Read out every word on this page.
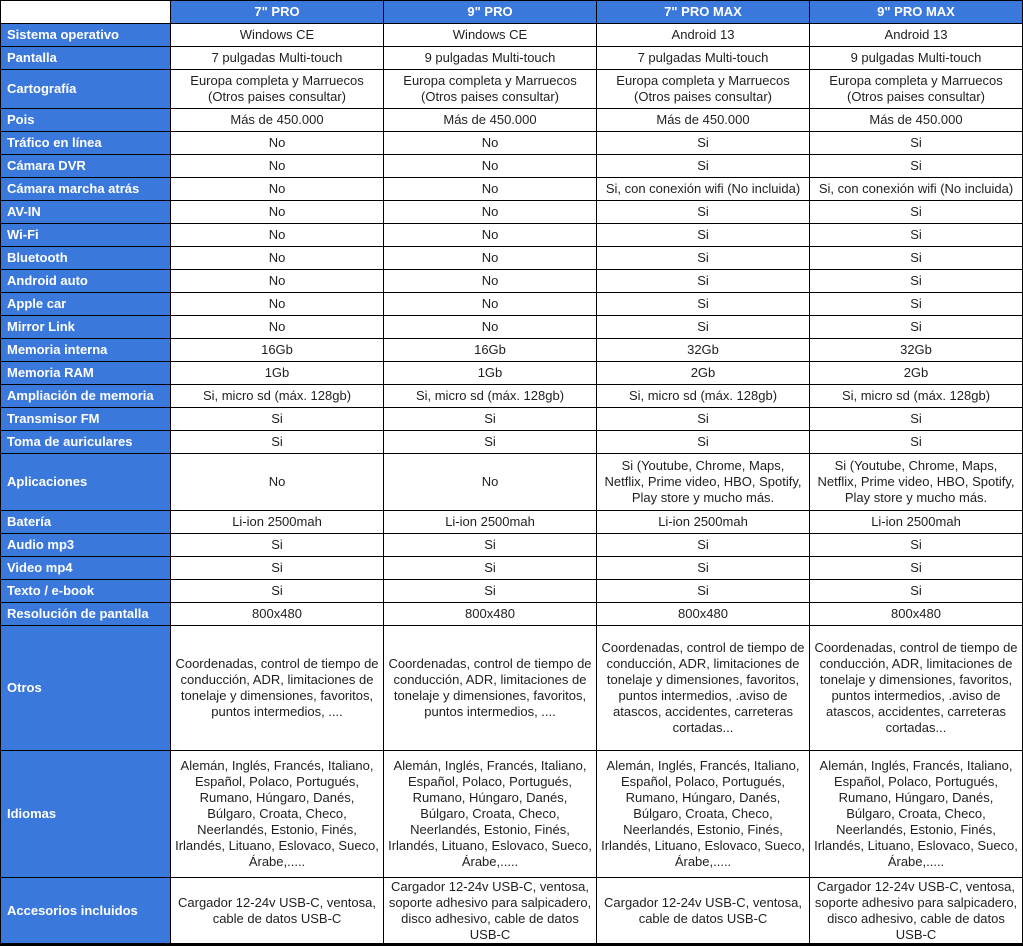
	7" PRO	9" PRO	7" PRO MAX	9" PRO MAX
Sistema operativo	Windows CE	Windows CE	Android 13	Android 13
Pantalla	7 pulgadas Multi-touch	9 pulgadas Multi-touch	7 pulgadas Multi-touch	9 pulgadas Multi-touch
Cartografía	Europa completa y Marruecos (Otros paises consultar)	Europa completa y Marruecos (Otros paises consultar)	Europa completa y Marruecos (Otros paises consultar)	Europa completa y Marruecos (Otros paises consultar)
Pois	Más de 450.000	Más de 450.000	Más de 450.000	Más de 450.000
Tráfico en línea	No	No	Si	Si
Cámara DVR	No	No	Si	Si
Cámara marcha atrás	No	No	Si, con conexión wifi (No incluida)	Si, con conexión wifi (No incluida)
AV-IN	No	No	Si	Si
Wi-Fi	No	No	Si	Si
Bluetooth	No	No	Si	Si
Android auto	No	No	Si	Si
Apple car	No	No	Si	Si
Mirror Link	No	No	Si	Si
Memoria interna	16Gb	16Gb	32Gb	32Gb
Memoria RAM	1Gb	1Gb	2Gb	2Gb
Ampliación de memoria	Si, micro sd (máx. 128gb)	Si, micro sd (máx. 128gb)	Si, micro sd (máx. 128gb)	Si, micro sd (máx. 128gb)
Transmisor FM	Si	Si	Si	Si
Toma de auriculares	Si	Si	Si	Si
Aplicaciones	No	No	Si (Youtube, Chrome, Maps, Netflix, Prime video, HBO, Spotify, Play store y mucho más.	Si (Youtube, Chrome, Maps, Netflix, Prime video, HBO, Spotify, Play store y mucho más.
Batería	Li-ion 2500mah	Li-ion 2500mah	Li-ion 2500mah	Li-ion 2500mah
Audio mp3	Si	Si	Si	Si
Video mp4	Si	Si	Si	Si
Texto / e-book	Si	Si	Si	Si
Resolución de pantalla	800x480	800x480	800x480	800x480
Otros	Coordenadas, control de tiempo de conducción, ADR, limitaciones de tonelaje y dimensiones, favoritos, puntos intermedios, ....	Coordenadas, control de tiempo de conducción, ADR, limitaciones de tonelaje y dimensiones, favoritos, puntos intermedios, ....	Coordenadas, control de tiempo de conducción, ADR, limitaciones de tonelaje y dimensiones, favoritos, puntos intermedios, .aviso de atascos, accidentes, carreteras cortadas...	Coordenadas, control de tiempo de conducción, ADR, limitaciones de tonelaje y dimensiones, favoritos, puntos intermedios, .aviso de atascos, accidentes, carreteras cortadas...
Idiomas	Alemán, Inglés, Francés, Italiano, Español, Polaco, Portugués, Rumano, Húngaro, Danés, Búlgaro, Croata, Checo, Neerlandés, Estonio, Finés, Irlandés, Lituano, Eslovaco, Sueco, Árabe,.....	Alemán, Inglés, Francés, Italiano, Español, Polaco, Portugués, Rumano, Húngaro, Danés, Búlgaro, Croata, Checo, Neerlandés, Estonio, Finés, Irlandés, Lituano, Eslovaco, Sueco, Árabe,.....	Alemán, Inglés, Francés, Italiano, Español, Polaco, Portugués, Rumano, Húngaro, Danés, Búlgaro, Croata, Checo, Neerlandés, Estonio, Finés, Irlandés, Lituano, Eslovaco, Sueco, Árabe,.....	Alemán, Inglés, Francés, Italiano, Español, Polaco, Portugués, Rumano, Húngaro, Danés, Búlgaro, Croata, Checo, Neerlandés, Estonio, Finés, Irlandés, Lituano, Eslovaco, Sueco, Árabe,.....
Accesorios incluidos	Cargador 12-24v USB-C, ventosa, cable de datos USB-C	Cargador 12-24v USB-C, ventosa, soporte adhesivo para salpicadero, disco adhesivo, cable de datos USB-C	Cargador 12-24v USB-C, ventosa, cable de datos USB-C	Cargador 12-24v USB-C, ventosa, soporte adhesivo para salpicadero, disco adhesivo, cable de datos USB-C
